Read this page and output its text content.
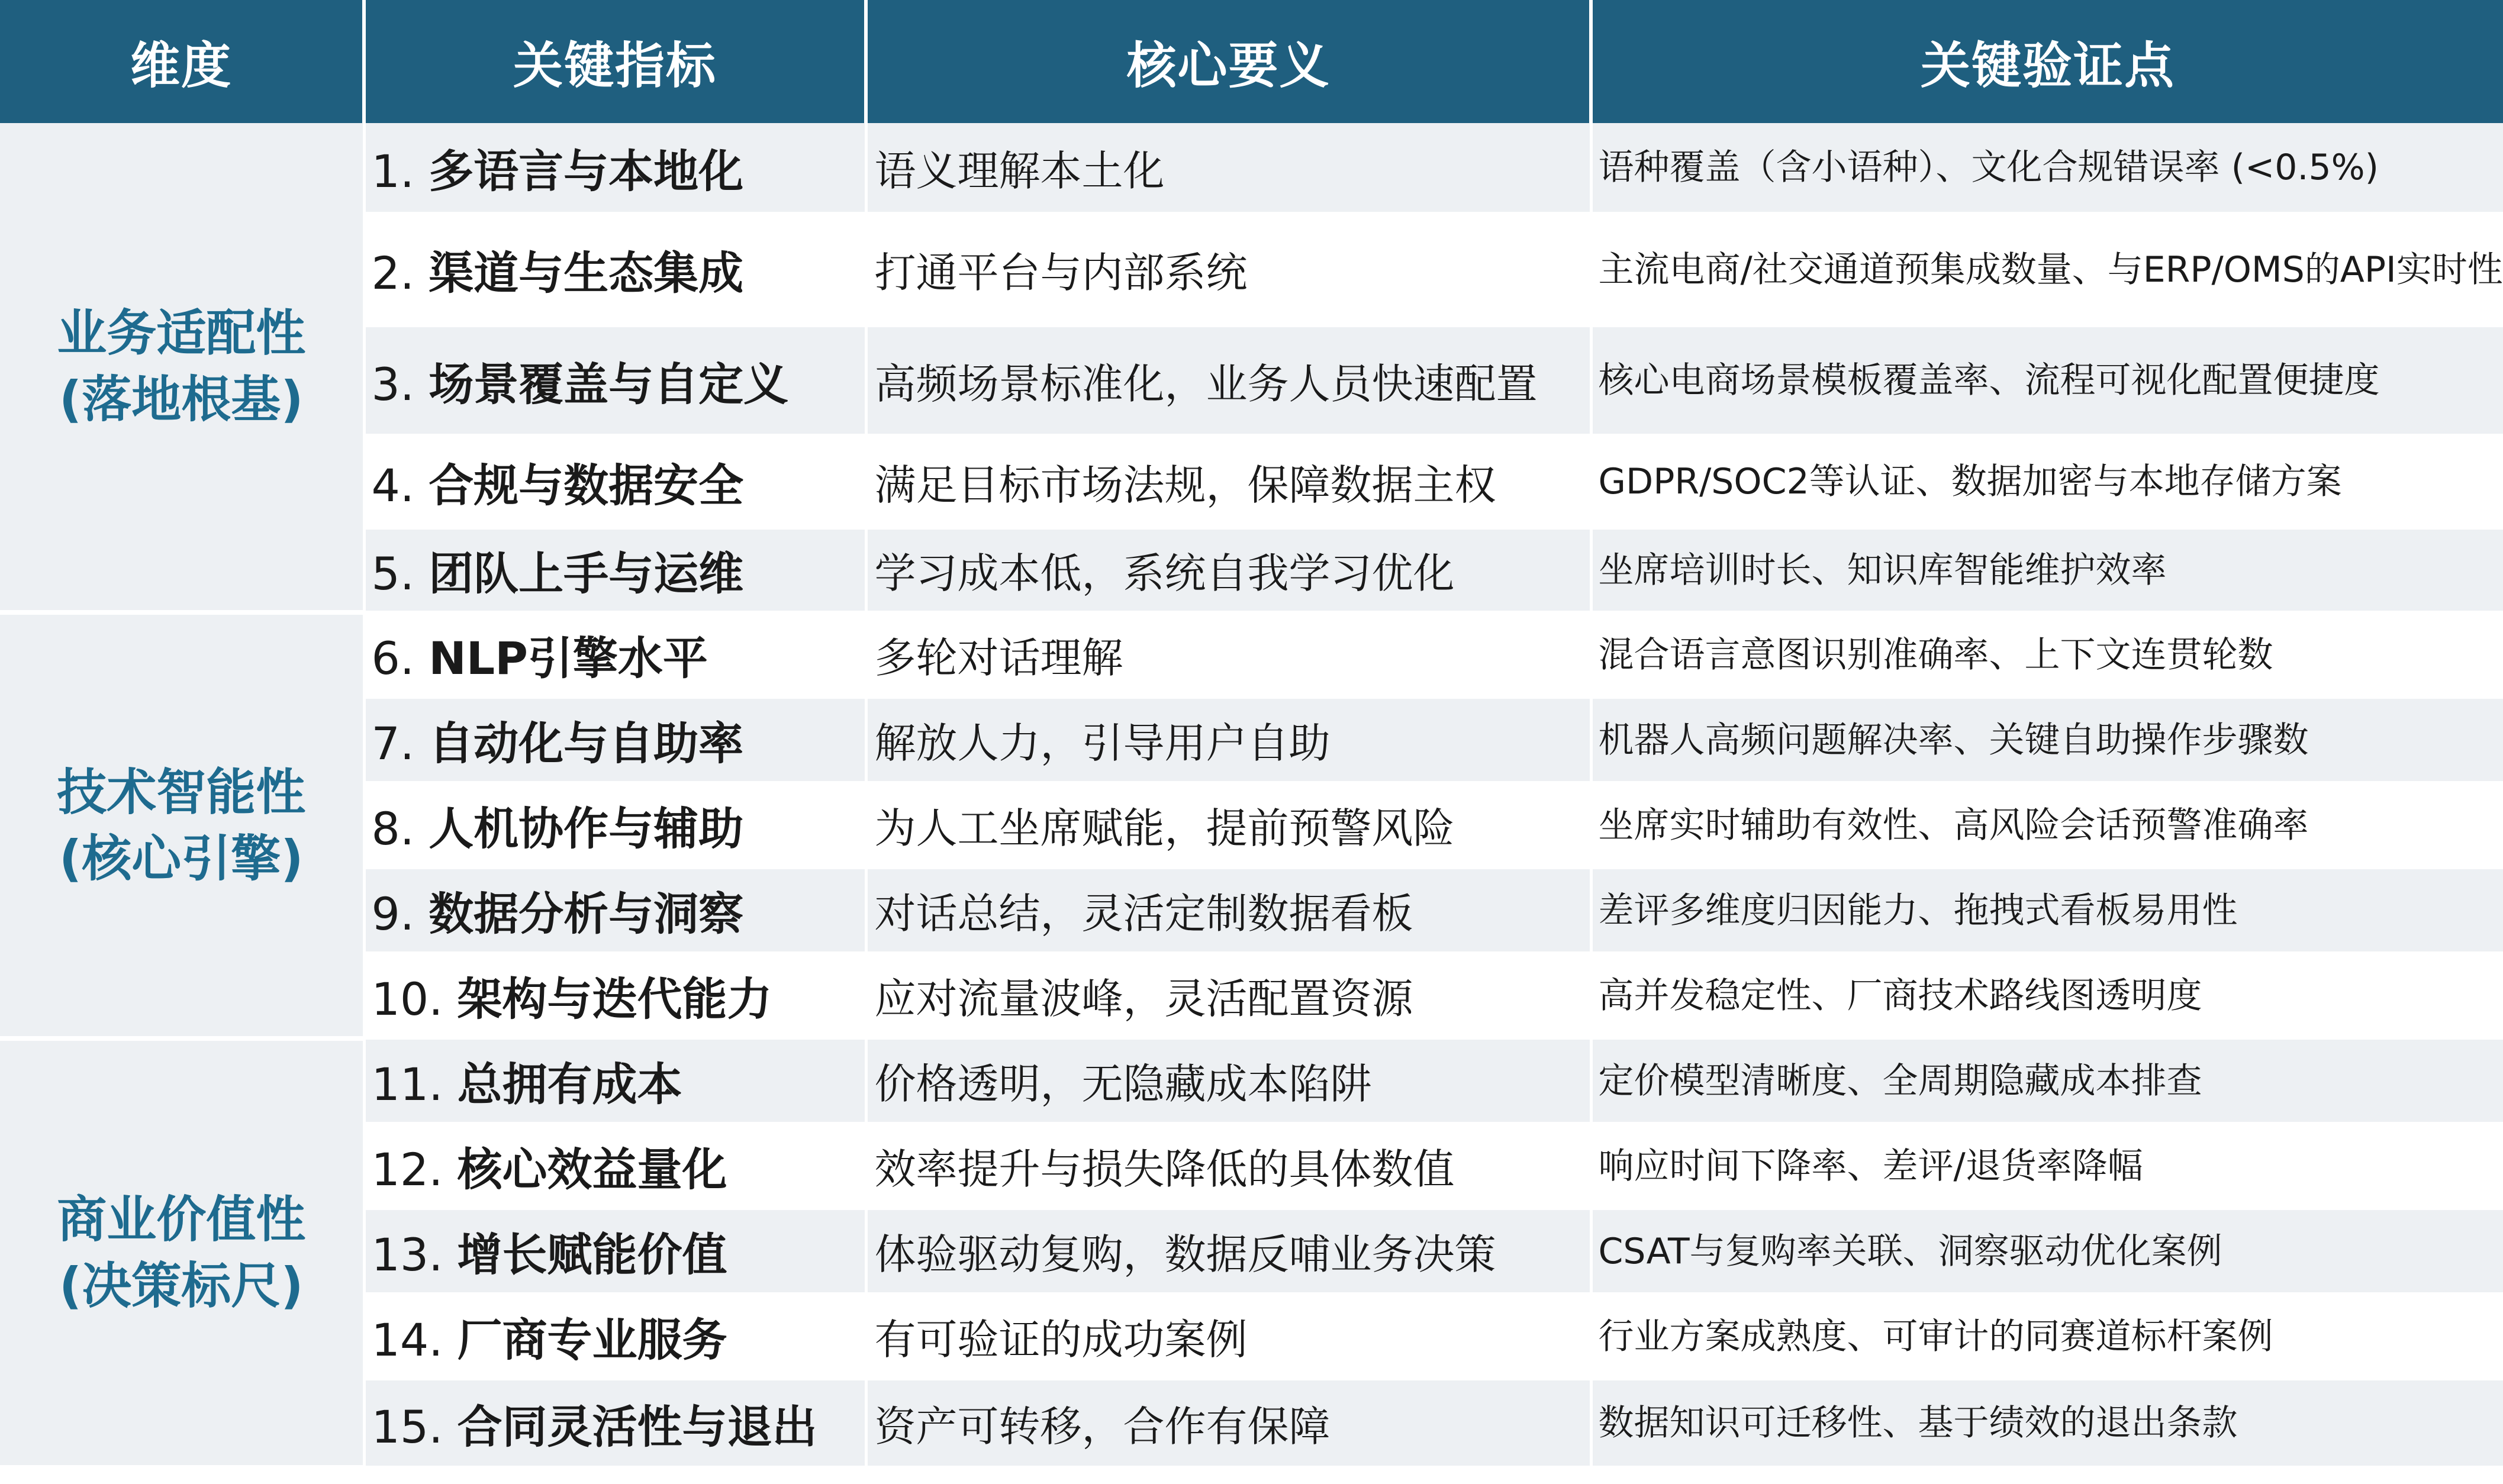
维度	关键指标	核心要义	关键验证点

业务适配性
(落地根基)	1. 多语言与本地化	语义理解本土化	语种覆盖（含小语种）、文化合规错误率 (<0.5%)
	2. 渠道与生态集成	打通平台与内部系统	主流电商/社交通道预集成数量、与ERP/OMS的API实时性
	3. 场景覆盖与自定义	高频场景标准化，业务人员快速配置	核心电商场景模板覆盖率、流程可视化配置便捷度
	4. 合规与数据安全	满足目标市场法规，保障数据主权	GDPR/SOC2等认证、数据加密与本地存储方案
	5. 团队上手与运维	学习成本低，系统自我学习优化	坐席培训时长、知识库智能维护效率

技术智能性
(核心引擎)	6. NLP引擎水平	多轮对话理解	混合语言意图识别准确率、上下文连贯轮数
	7. 自动化与自助率	解放人力，引导用户自助	机器人高频问题解决率、关键自助操作步骤数
	8. 人机协作与辅助	为人工坐席赋能，提前预警风险	坐席实时辅助有效性、高风险会话预警准确率
	9. 数据分析与洞察	对话总结，灵活定制数据看板	差评多维度归因能力、拖拽式看板易用性
	10. 架构与迭代能力	应对流量波峰，灵活配置资源	高并发稳定性、厂商技术路线图透明度

商业价值性
(决策标尺)	11. 总拥有成本	价格透明，无隐藏成本陷阱	定价模型清晰度、全周期隐藏成本排查
	12. 核心效益量化	效率提升与损失降低的具体数值	响应时间下降率、差评/退货率降幅
	13. 增长赋能价值	体验驱动复购，数据反哺业务决策	CSAT与复购率关联、洞察驱动优化案例
	14. 厂商专业服务	有可验证的成功案例	行业方案成熟度、可审计的同赛道标杆案例
	15. 合同灵活性与退出	资产可转移，合作有保障	数据知识可迁移性、基于绩效的退出条款
